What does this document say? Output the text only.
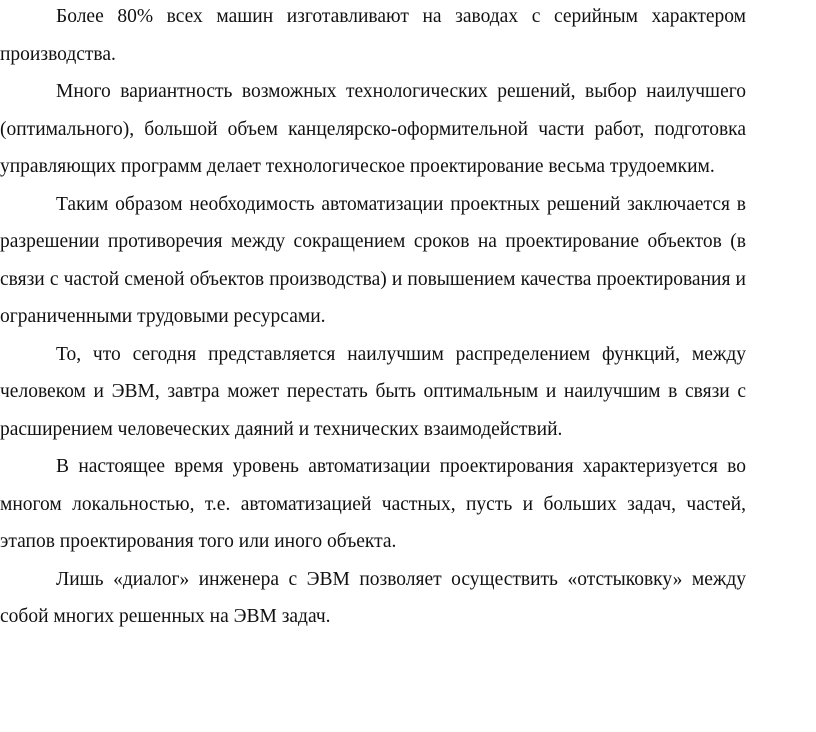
Более 80% всех машин изготавливают на заводах с серийным характером производства.

Много вариантность возможных технологических решений, выбор наилучшего (оптимального), большой объем канцелярско-оформительной части работ, подготовка управляющих программ делает технологическое проектирование весьма трудоемким.

Таким образом необходимость автоматизации проектных решений заключается в разрешении противоречия между сокращением сроков на проектирование объектов (в связи с частой сменой объектов производства) и повышением качества проектирования и ограниченными трудовыми ресурсами.

То, что сегодня представляется наилучшим распределением функций, между человеком и ЭВМ, завтра может перестать быть оптимальным и наилучшим в связи с расширением человеческих даяний и технических взаимодействий.

В настоящее время уровень автоматизации проектирования характеризуется во многом локальностью, т.е. автоматизацией частных, пусть и больших задач, частей, этапов проектирования того или иного объекта.

Лишь «диалог» инженера с ЭВМ позволяет осуществить «отстыковку» между собой многих решенных на ЭВМ задач.
